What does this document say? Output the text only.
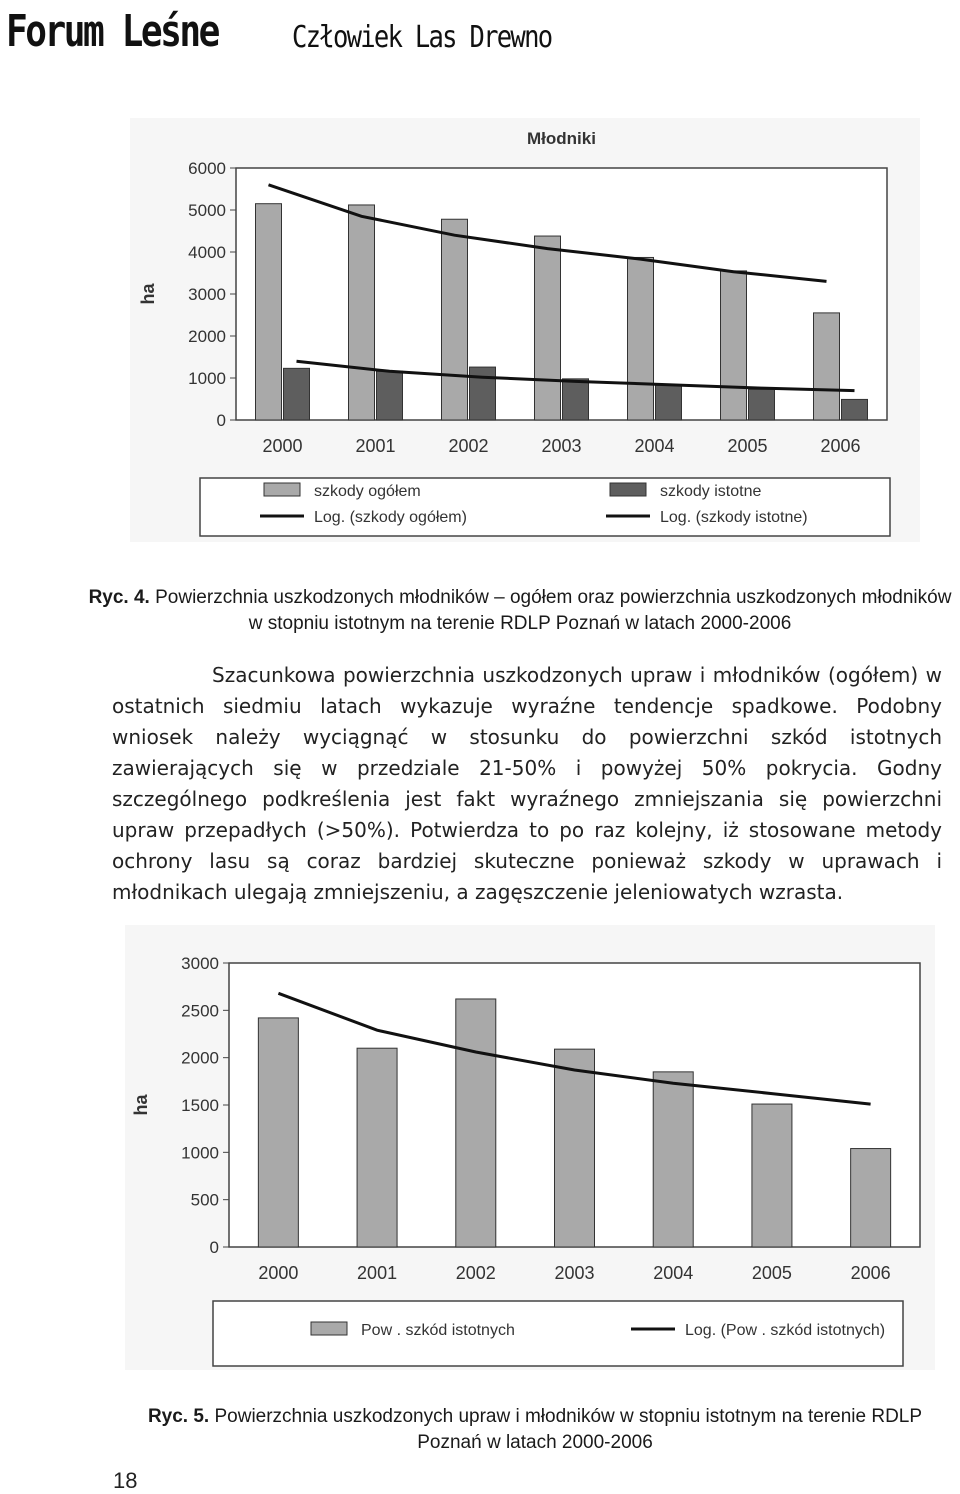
Forum Leśne Człowiek Las Drewno
Młodniki
0
1000
2000
3000
4000
5000
6000
ha
2000	2001	2002	2003	2004	2005	2006
szkody ogółem	szkody istotne
Log. (szkody ogółem)	Log. (szkody istotne)
Ryc. 4. Powierzchnia uszkodzonych młodników – ogółem oraz powierzchnia uszkodzonych młodników w stopniu istotnym na terenie RDLP Poznań w latach 2000-2006

Szacunkowa powierzchnia uszkodzonych upraw i młodników (ogółem) w ostatnich siedmiu latach wykazuje wyraźne tendencje spadkowe. Podobny wniosek należy wyciągnąć w stosunku do powierzchni szkód istotnych zawierających się w przedziale 21-50% i powyżej 50% pokrycia. Godny szczególnego podkreślenia jest fakt wyraźnego zmniejszania się powierzchni upraw przepadłych (>50%). Potwierdza to po raz kolejny, iż stosowane metody ochrony lasu są coraz bardziej skuteczne ponieważ szkody w uprawach i młodnikach ulegają zmniejszeniu, a zagęszczenie jeleniowatych wzrasta.

0
500
1000
1500
2000
2500
3000
ha
2000	2001	2002	2003	2004	2005	2006
Pow . szkód istotnych	Log. (Pow . szkód istotnych)
Ryc. 5. Powierzchnia uszkodzonych upraw i młodników w stopniu istotnym na terenie RDLP Poznań w latach 2000-2006
18
